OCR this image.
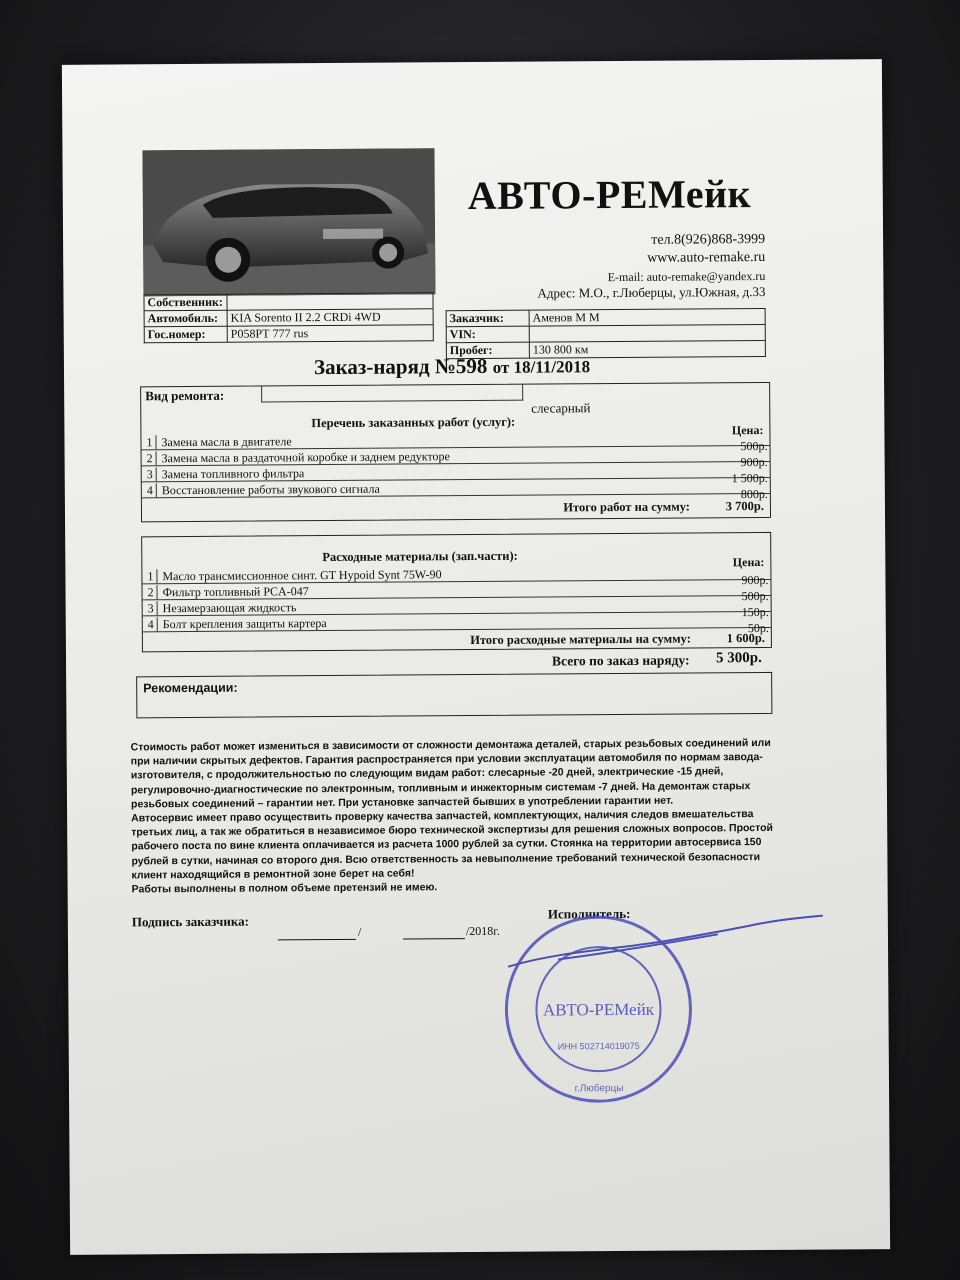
АВТО-РЕМейк
тел.8(926)868-3999
www.auto-remake.ru
E-mail: auto-remake@yandex.ru
Адрес: М.О., г.Люберцы, ул.Южная, д.33
Собственник:	
Автомобиль:	KIA Sorento II 2.2 CRDi 4WD
Гос.номер:	Р058РТ 777 rus
Заказчик:	Аменов М М
VIN:	
Пробег:	130 800 км
Заказ-наряд №598 от 18/11/2018
Вид ремонта:
слесарный
Перечень заказанных работ (услуг):	Цена:
1 Замена масла в двигателе	500р.
2 Замена масла в раздаточной коробке и заднем редукторе	900р.
3 Замена топливного фильтра	1 500р.
4 Восстановление работы звукового сигнала	800р.
Итого работ на сумму:	3 700р.
Расходные материалы (зап.части):	Цена:
1 Масло трансмиссионное синт. GT Hypoid Synt 75W-90	900р.
2 Фильтр топливный PCA-047	500р.
3 Незамерзающая жидкость	150р.
4 Болт крепления защиты картера	50р.
Итого расходные материалы на сумму:	1 600р.
Всего по заказ наряду: 5 300р.
Рекомендации:

Стоимость работ может измениться в зависимости от сложности демонтажа деталей, старых резьбовых соединений или при наличии скрытых дефектов. Гарантия распространяется при условии эксплуатации автомобиля по нормам завода-изготовителя, с продолжительностью по следующим видам работ: слесарные -20 дней, электрические -15 дней, регулировочно-диагностические по электронным, топливным и инжекторным системам -7 дней. На демонтаж старых резьбовых соединений – гарантии нет. При установке запчастей бывших в употреблении гарантии нет.

Автосервис имеет право осуществить проверку качества запчастей, комплектующих, наличия следов вмешательства третьих лиц, а так же обратиться в независимое бюро технической экспертизы для решения сложных вопросов. Простой рабочего поста по вине клиента оплачивается из расчета 1000 рублей за сутки. Стоянка на территории автосервиса 150 рублей в сутки, начиная со второго дня. Всю ответственность за невыполнение требований технической безопасности клиент находящийся в ремонтной зоне берет на себя!

Работы выполнены в полном объеме претензий не имею.

Подпись заказчика:	Исполнитель:
/	/2018г.
АВТО-РЕМейк
ИНН 502714019075
г.Люберцы
